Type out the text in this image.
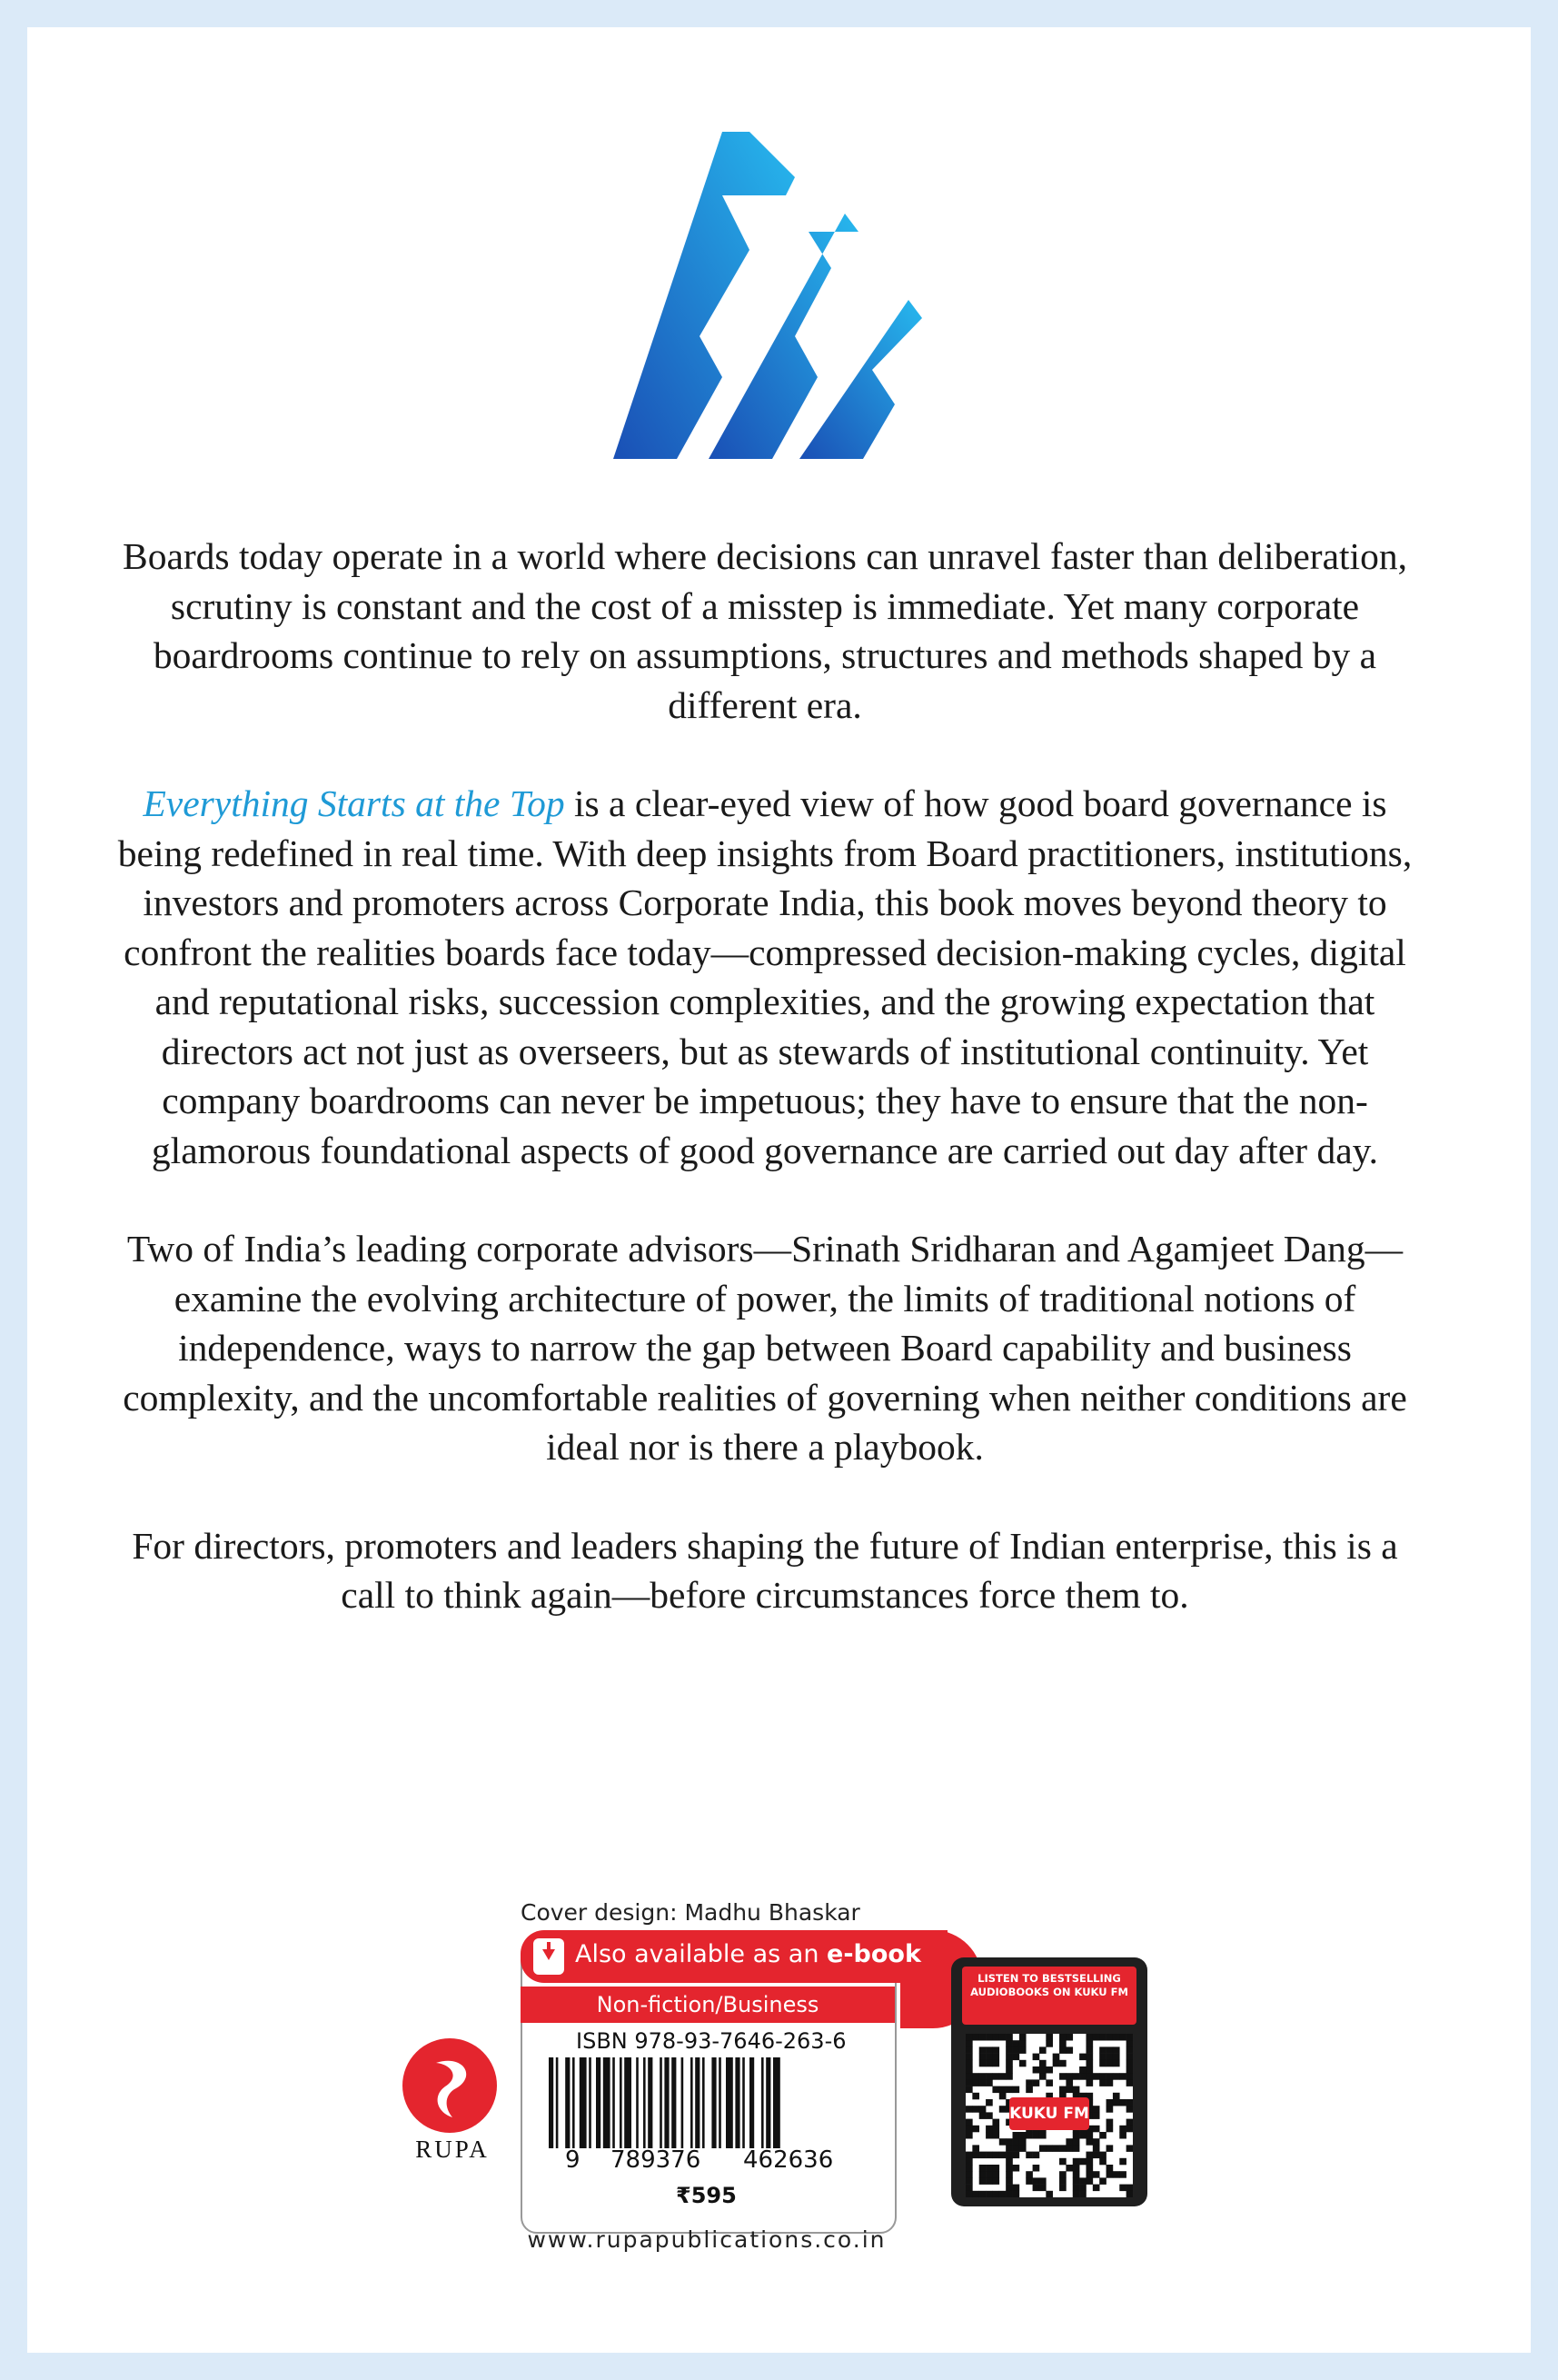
Boards today operate in a world where decisions can unravel faster than deliberation, scrutiny is constant and the cost of a misstep is immediate. Yet many corporate boardrooms continue to rely on assumptions, structures and methods shaped by a different era.

Everything Starts at the Top is a clear-eyed view of how good board governance is being redefined in real time. With deep insights from Board practitioners, institutions, investors and promoters across Corporate India, this book moves beyond theory to confront the realities boards face today—compressed decision-making cycles, digital and reputational risks, succession complexities, and the growing expectation that directors act not just as overseers, but as stewards of institutional continuity. Yet company boardrooms can never be impetuous; they have to ensure that the non-glamorous foundational aspects of good governance are carried out day after day.

Two of India’s leading corporate advisors—Srinath Sridharan and Agamjeet Dang—examine the evolving architecture of power, the limits of traditional notions of independence, ways to narrow the gap between Board capability and business complexity, and the uncomfortable realities of governing when neither conditions are ideal nor is there a playbook.

For directors, promoters and leaders shaping the future of Indian enterprise, this is a call to think again—before circumstances force them to.

Cover design: Madhu Bhaskar
Also available as an e-book
Non-fiction/Business
ISBN 978-93-7646-263-6
9 789376 462636
₹595
www.rupapublications.co.in
RUPA
LISTEN TO BESTSELLING AUDIOBOOKS ON KUKU FM
KUKU FM
